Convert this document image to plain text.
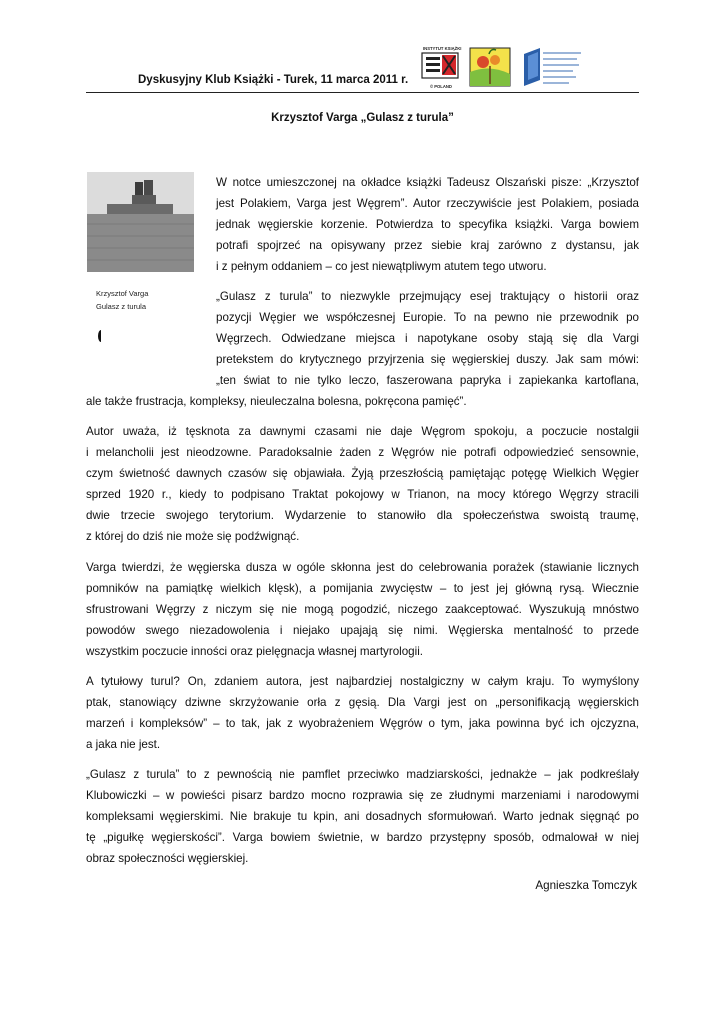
Dyskusyjny Klub Książki - Turek, 11 marca 2011 r.
INSTYTUT KSIĄŻKI
© POLAND
Krzysztof Varga „Gulasz z turula”
Krzysztof Varga
Gulasz z turula
W notce umieszczonej na okładce książki Tadeusz Olszański pisze: „Krzysztof
jest Polakiem, Varga jest Węgrem”. Autor rzeczywiście jest Polakiem, posiada
jednak węgierskie korzenie. Potwierdza to specyfika książki. Varga bowiem
potrafi spojrzeć na opisywany przez siebie kraj zarówno z dystansu, jak
i z pełnym oddaniem – co jest niewątpliwym atutem tego utworu.
„Gulasz z turula” to niezwykle przejmujący esej traktujący o historii oraz
pozycji Węgier we współczesnej Europie. To na pewno nie przewodnik po
Węgrzech. Odwiedzane miejsca i napotykane osoby stają się dla Vargi
pretekstem do krytycznego przyjrzenia się węgierskiej duszy. Jak sam mówi:
„ten świat to nie tylko leczo, faszerowana papryka i zapiekanka kartoflana,
ale także frustracja, kompleksy, nieuleczalna bolesna, pokręcona pamięć”.
Autor uważa, iż tęsknota za dawnymi czasami nie daje Węgrom spokoju, a poczucie nostalgii
i melancholii jest nieodzowne. Paradoksalnie żaden z Węgrów nie potrafi odpowiedzieć sensownie,
czym świetność dawnych czasów się objawiała. Żyją przeszłością pamiętając potęgę Wielkich Węgier
sprzed 1920 r., kiedy to podpisano Traktat pokojowy w Trianon, na mocy którego Węgrzy stracili
dwie trzecie swojego terytorium. Wydarzenie to stanowiło dla społeczeństwa swoistą traumę,
z której do dziś nie może się podźwignąć.
Varga twierdzi, że węgierska dusza w ogóle skłonna jest do celebrowania porażek (stawianie licznych
pomników na pamiątkę wielkich klęsk), a pomijania zwycięstw – to jest jej główną rysą. Wiecznie
sfrustrowani Węgrzy z niczym się nie mogą pogodzić, niczego zaakceptować. Wyszukują mnóstwo
powodów swego niezadowolenia i niejako upajają się nimi. Węgierska mentalność to przede
wszystkim poczucie inności oraz pielęgnacja własnej martyrologii.
A tytułowy turul? On, zdaniem autora, jest najbardziej nostalgiczny w całym kraju. To wymyślony
ptak, stanowiący dziwne skrzyżowanie orła z gęsią. Dla Vargi jest on „personifikacją węgierskich
marzeń i kompleksów” – to tak, jak z wyobrażeniem Węgrów o tym, jaka powinna być ich ojczyzna,
a jaka nie jest.
„Gulasz z turula” to z pewnością nie pamflet przeciwko madziarskości, jednakże – jak podkreślały
Klubowiczki – w powieści pisarz bardzo mocno rozprawia się ze złudnymi marzeniami i narodowymi
kompleksami węgierskimi. Nie brakuje tu kpin, ani dosadnych sformułowań. Warto jednak sięgnąć po
tę „pigułkę węgierskości”. Varga bowiem świetnie, w bardzo przystępny sposób, odmalował w niej
obraz społeczności węgierskiej.
Agnieszka Tomczyk
